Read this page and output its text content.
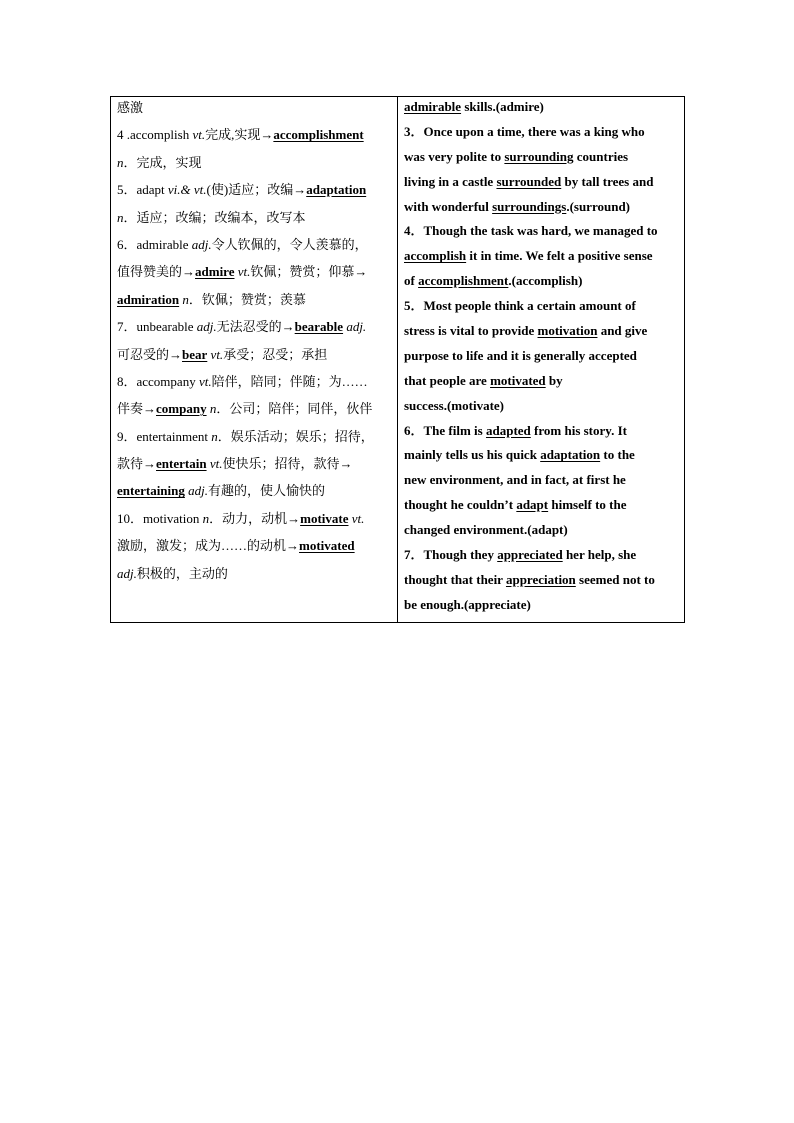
感激
4 .accomplish vt.完成,实现→accomplishment
n．完成，实现
5．adapt vi.& vt.(使)适应；改编→adaptation
n．适应；改编；改编本，改写本
6．admirable adj.令人钦佩的，令人羡慕的，
值得赞美的→admire vt.钦佩；赞赏；仰慕→
admiration n．钦佩；赞赏；羡慕
7．unbearable adj.无法忍受的→bearable adj.
可忍受的→bear vt.承受；忍受；承担
8．accompany vt.陪伴，陪同；伴随；为……
伴奏→company n．公司；陪伴；同伴，伙伴
9．entertainment n．娱乐活动；娱乐；招待，
款待→entertain vt.使快乐；招待，款待→
entertaining adj.有趣的，使人愉快的
10．motivation n．动力，动机→motivate vt.
激励，激发；成为……的动机→motivated
adj.积极的，主动的
admirable skills.(admire)
3．Once upon a time, there was a king who
was very polite to surrounding countries
living in a castle surrounded by tall trees and
with wonderful surroundings.(surround)
4．Though the task was hard, we managed to
accomplish it in time. We felt a positive sense
of accomplishment.(accomplish)
5．Most people think a certain amount of
stress is vital to provide motivation and give
purpose to life and it is generally accepted
that people are motivated by
success.(motivate)
6．The film is adapted from his story. It
mainly tells us his quick adaptation to the
new environment, and in fact, at first he
thought he couldn’t adapt himself to the
changed environment.(adapt)
7．Though they appreciated her help, she
thought that their appreciation seemed not to
be enough.(appreciate)
